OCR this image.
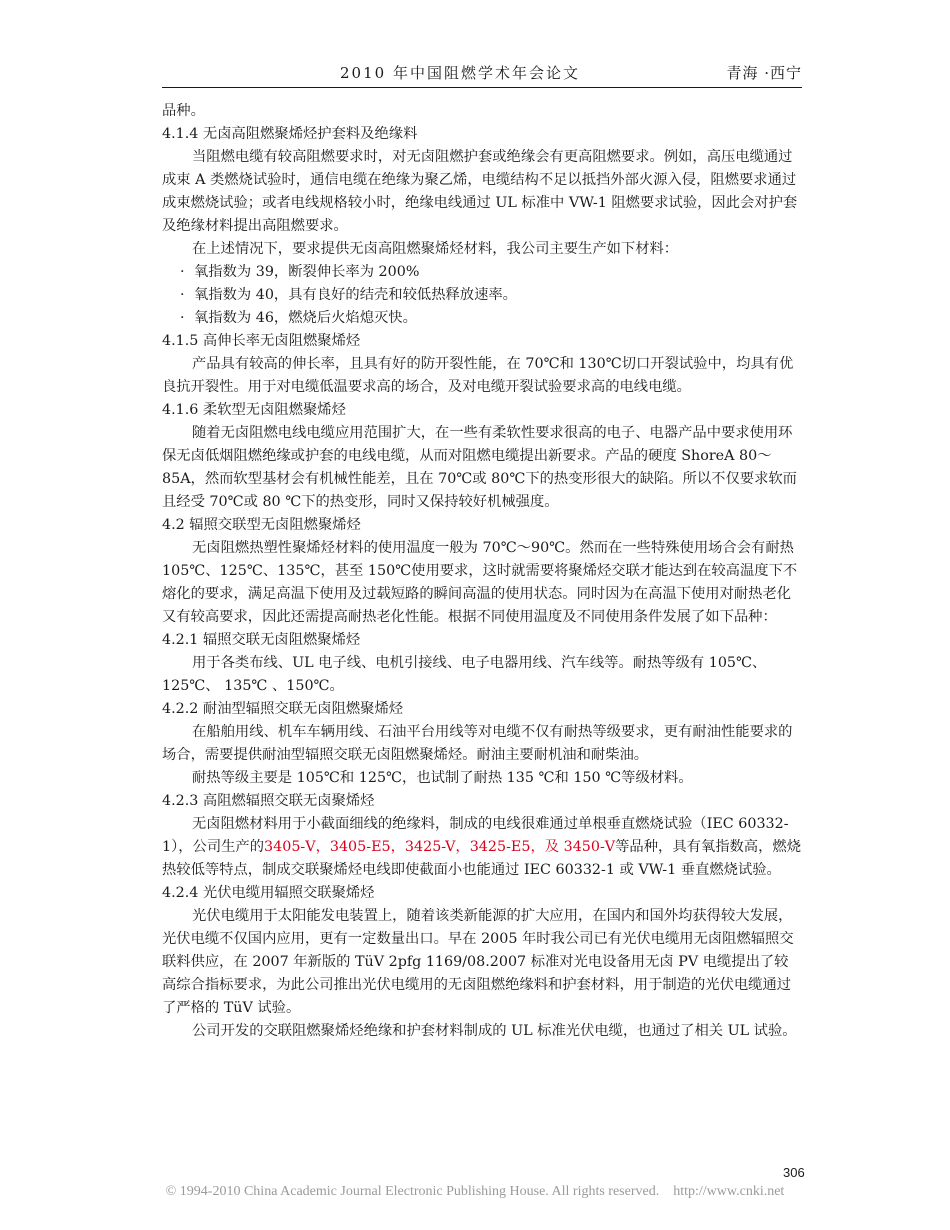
2010 年中国阻燃学术年会论文	青海 ·西宁

品种。

4.1.4 无卤高阻燃聚烯烃护套料及绝缘料

当阻燃电缆有较高阻燃要求时，对无卤阻燃护套或绝缘会有更高阻燃要求。例如，高压电缆通过成束 A 类燃烧试验时，通信电缆在绝缘为聚乙烯，电缆结构不足以抵挡外部火源入侵，阻燃要求通过成束燃烧试验；或者电线规格较小时，绝缘电线通过 UL 标准中 VW-1 阻燃要求试验，因此会对护套及绝缘材料提出高阻燃要求。

在上述情况下，要求提供无卤高阻燃聚烯烃材料，我公司主要生产如下材料：

· 氧指数为 39，断裂伸长率为 200%

· 氧指数为 40，具有良好的结壳和较低热释放速率。

· 氧指数为 46，燃烧后火焰熄灭快。

4.1.5 高伸长率无卤阻燃聚烯烃

产品具有较高的伸长率，且具有好的防开裂性能，在 70℃和 130℃切口开裂试验中，均具有优良抗开裂性。用于对电缆低温要求高的场合，及对电缆开裂试验要求高的电线电缆。

4.1.6 柔软型无卤阻燃聚烯烃

随着无卤阻燃电线电缆应用范围扩大，在一些有柔软性要求很高的电子、电器产品中要求使用环保无卤低烟阻燃绝缘或护套的电线电缆，从而对阻燃电缆提出新要求。产品的硬度 ShoreA 80～85A，然而软型基材会有机械性能差，且在 70℃或 80℃下的热变形很大的缺陷。所以不仅要求软而且经受 70℃或 80 ℃下的热变形，同时又保持较好机械强度。

4.2 辐照交联型无卤阻燃聚烯烃

无卤阻燃热塑性聚烯烃材料的使用温度一般为 70℃～90℃。然而在一些特殊使用场合会有耐热 105℃、125℃、135℃，甚至 150℃使用要求，这时就需要将聚烯烃交联才能达到在较高温度下不熔化的要求，满足高温下使用及过载短路的瞬间高温的使用状态。同时因为在高温下使用对耐热老化又有较高要求，因此还需提高耐热老化性能。根据不同使用温度及不同使用条件发展了如下品种：

4.2.1 辐照交联无卤阻燃聚烯烃

用于各类布线、UL 电子线、电机引接线、电子电器用线、汽车线等。耐热等级有 105℃、125℃、 135℃ 、150℃。

4.2.2 耐油型辐照交联无卤阻燃聚烯烃

在船舶用线、机车车辆用线、石油平台用线等对电缆不仅有耐热等级要求，更有耐油性能要求的场合，需要提供耐油型辐照交联无卤阻燃聚烯烃。耐油主要耐机油和耐柴油。

耐热等级主要是 105℃和 125℃，也试制了耐热 135 ℃和 150 ℃等级材料。

4.2.3 高阻燃辐照交联无卤聚烯烃

无卤阻燃材料用于小截面细线的绝缘料，制成的电线很难通过单根垂直燃烧试验（IEC 60332-1），公司生产的3405-V，3405-E5，3425-V，3425-E5，及 3450-V等品种，具有氧指数高，燃烧热较低等特点，制成交联聚烯烃电线即使截面小也能通过 IEC 60332-1 或 VW-1 垂直燃烧试验。

4.2.4 光伏电缆用辐照交联聚烯烃

光伏电缆用于太阳能发电装置上，随着该类新能源的扩大应用，在国内和国外均获得较大发展，光伏电缆不仅国内应用，更有一定数量出口。早在 2005 年时我公司已有光伏电缆用无卤阻燃辐照交联料供应，在 2007 年新版的 TüV 2pfg 1169/08.2007 标准对光电设备用无卤 PV 电缆提出了较高综合指标要求，为此公司推出光伏电缆用的无卤阻燃绝缘料和护套材料，用于制造的光伏电缆通过了严格的 TüV 试验。

公司开发的交联阻燃聚烯烃绝缘和护套材料制成的 UL 标准光伏电缆，也通过了相关 UL 试验。

306
© 1994-2010 China Academic Journal Electronic Publishing House. All rights reserved. http://www.cnki.net
